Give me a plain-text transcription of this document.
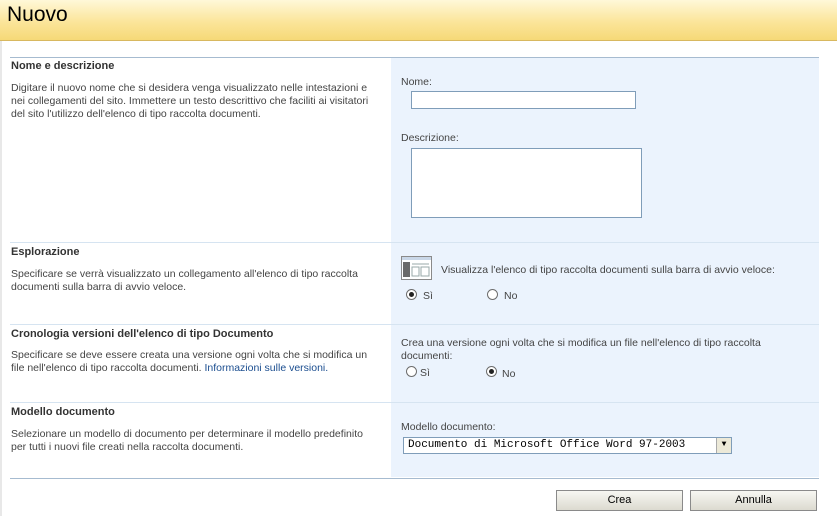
Nuovo
Nome e descrizione
Digitare il nuovo nome che si desidera venga visualizzato nelle intestazioni e nei collegamenti del sito. Immettere un testo descrittivo che faciliti ai visitatori del sito l'utilizzo dell'elenco di tipo raccolta documenti.
Nome:
Descrizione:
Esplorazione
Specificare se verrà visualizzato un collegamento all'elenco di tipo raccolta documenti sulla barra di avvio veloce.
Visualizza l'elenco di tipo raccolta documenti sulla barra di avvio veloce:
Sì	No
Cronologia versioni dell'elenco di tipo Documento
Specificare se deve essere creata una versione ogni volta che si modifica un file nell'elenco di tipo raccolta documenti. Informazioni sulle versioni.
Crea una versione ogni volta che si modifica un file nell'elenco di tipo raccolta documenti:
Sì	No
Modello documento
Selezionare un modello di documento per determinare il modello predefinito per tutti i nuovi file creati nella raccolta documenti.
Modello documento:
Documento di Microsoft Office Word 97-2003	▼
Crea	Annulla
